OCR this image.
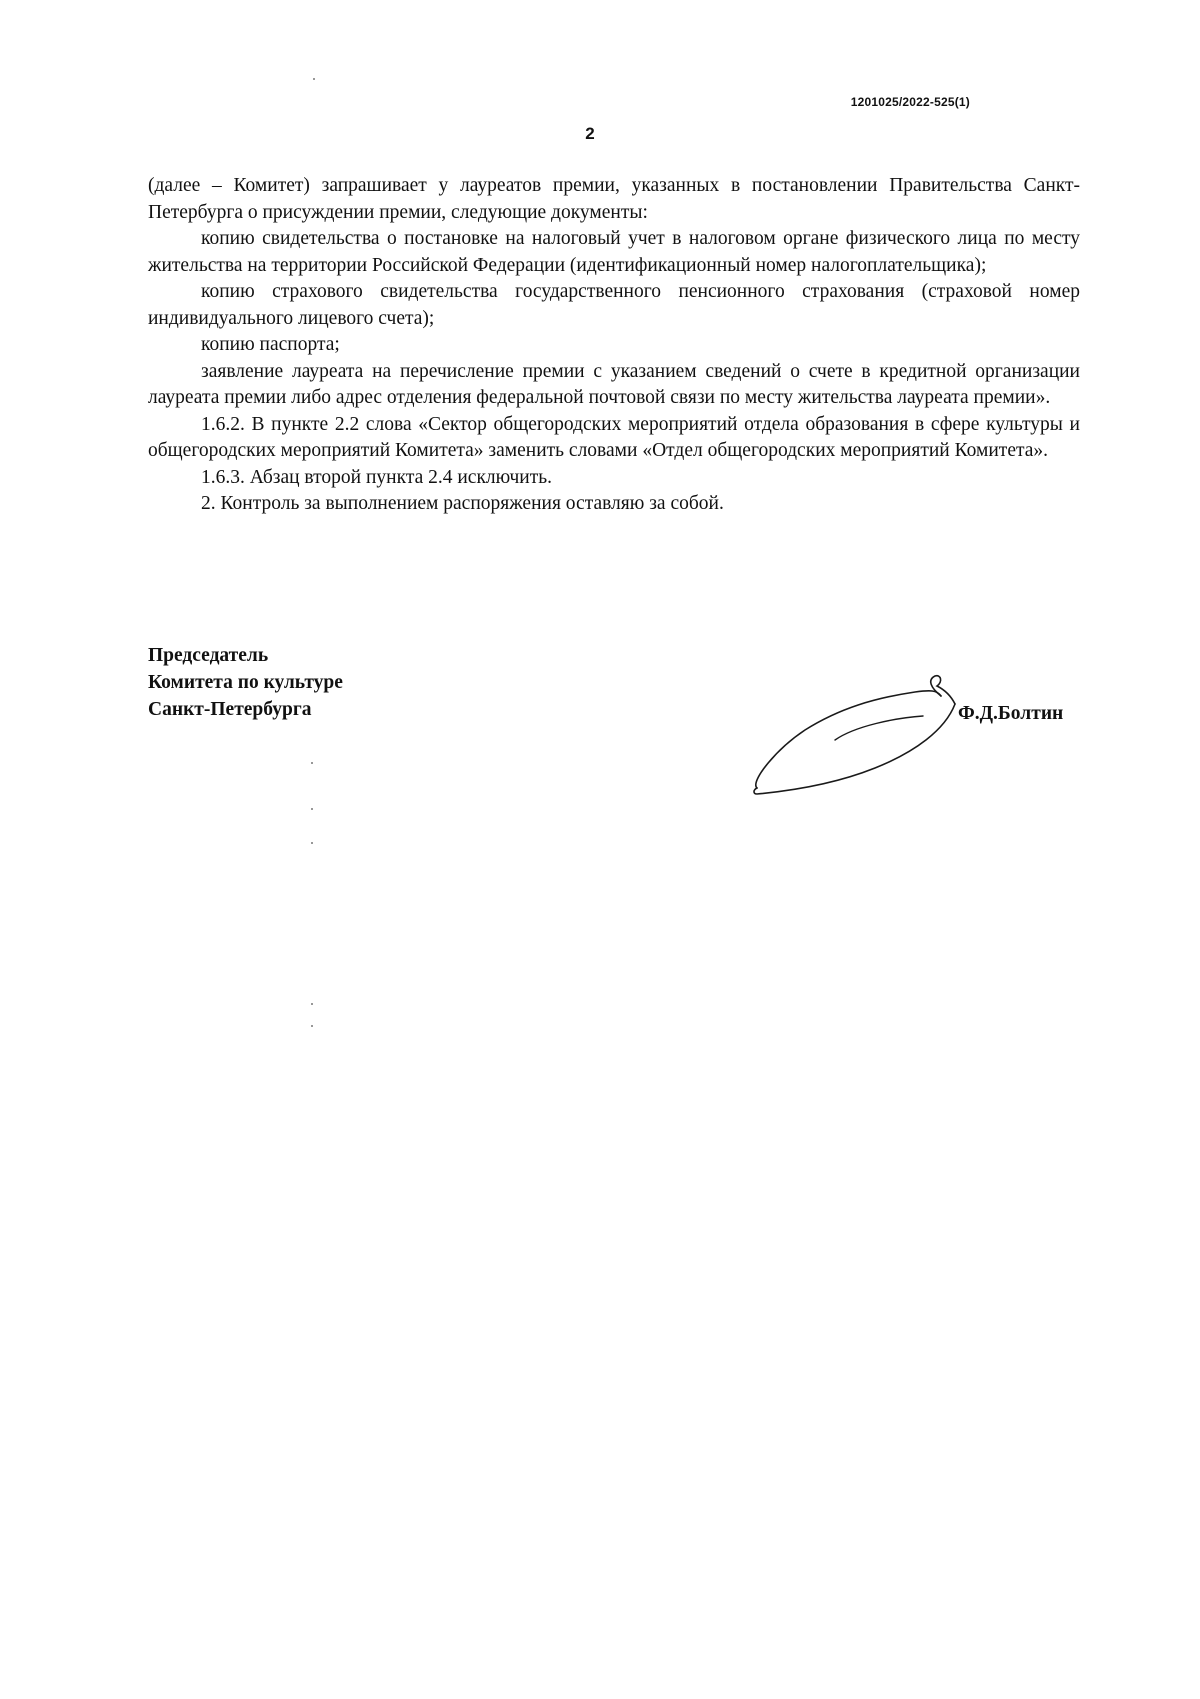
1201025/2022-525(1)
2

(далее – Комитет) запрашивает у лауреатов премии, указанных в постановлении Правительства Санкт-Петербурга о присуждении премии, следующие документы:

копию свидетельства о постановке на налоговый учет в налоговом органе физического лица по месту жительства на территории Российской Федерации (идентификационный номер налогоплательщика);

копию страхового свидетельства государственного пенсионного страхования (страховой номер индивидуального лицевого счета);

копию паспорта;

заявление лауреата на перечисление премии с указанием сведений о счете в кредитной организации лауреата премии либо адрес отделения федеральной почтовой связи по месту жительства лауреата премии».

1.6.2. В пункте 2.2 слова «Сектор общегородских мероприятий отдела образования в сфере культуры и общегородских мероприятий Комитета» заменить словами «Отдел общегородских мероприятий Комитета».

1.6.3. Абзац второй пункта 2.4 исключить.

2. Контроль за выполнением распоряжения оставляю за собой.

Председатель
Комитета по культуре
Санкт-Петербурга	Ф.Д.Болтин
